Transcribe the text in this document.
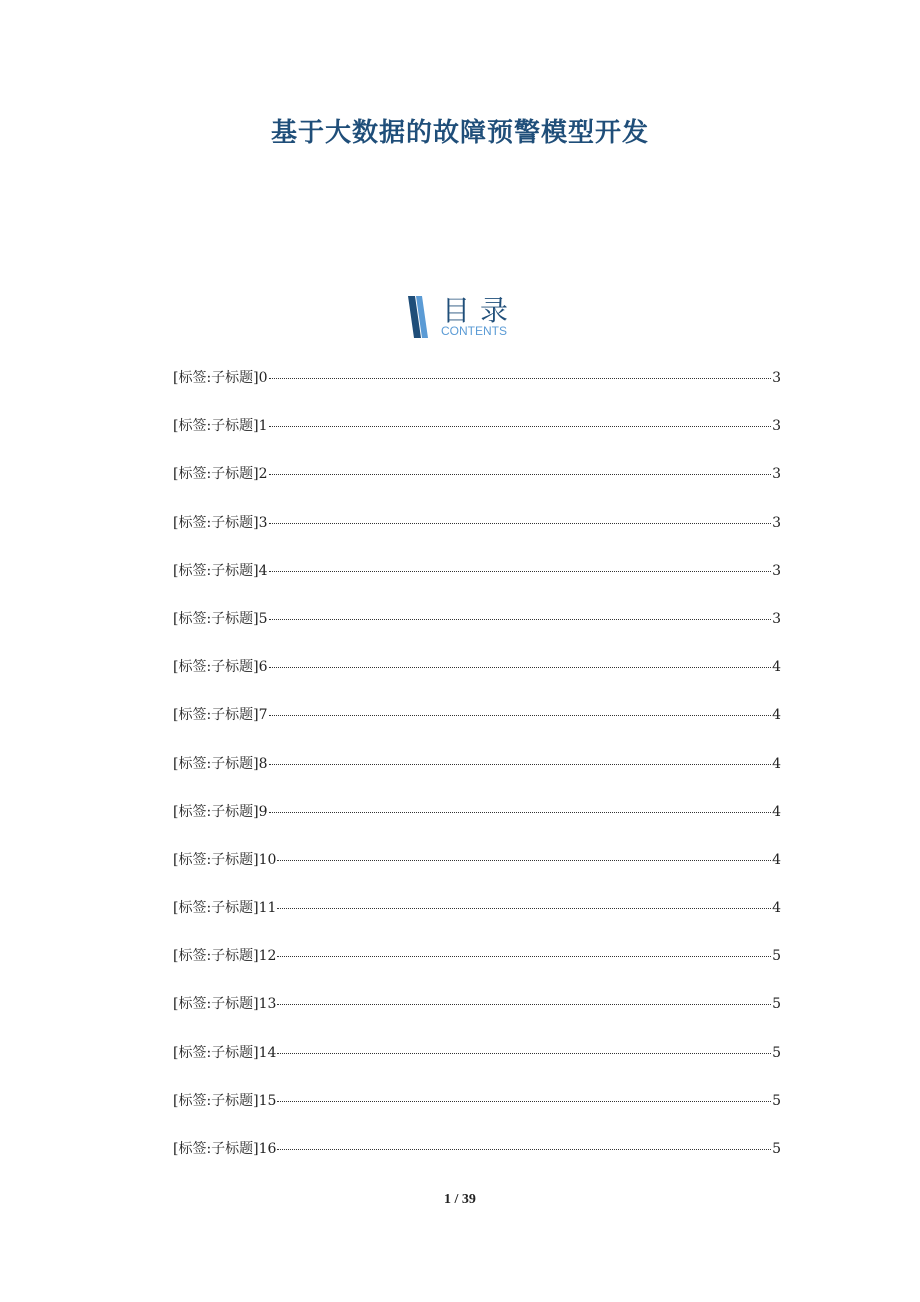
基于大数据的故障预警模型开发
目录
CONTENTS
[标签:子标题]0	3
[标签:子标题]1	3
[标签:子标题]2	3
[标签:子标题]3	3
[标签:子标题]4	3
[标签:子标题]5	3
[标签:子标题]6	4
[标签:子标题]7	4
[标签:子标题]8	4
[标签:子标题]9	4
[标签:子标题]10	4
[标签:子标题]11	4
[标签:子标题]12	5
[标签:子标题]13	5
[标签:子标题]14	5
[标签:子标题]15	5
[标签:子标题]16	5
1 / 39
